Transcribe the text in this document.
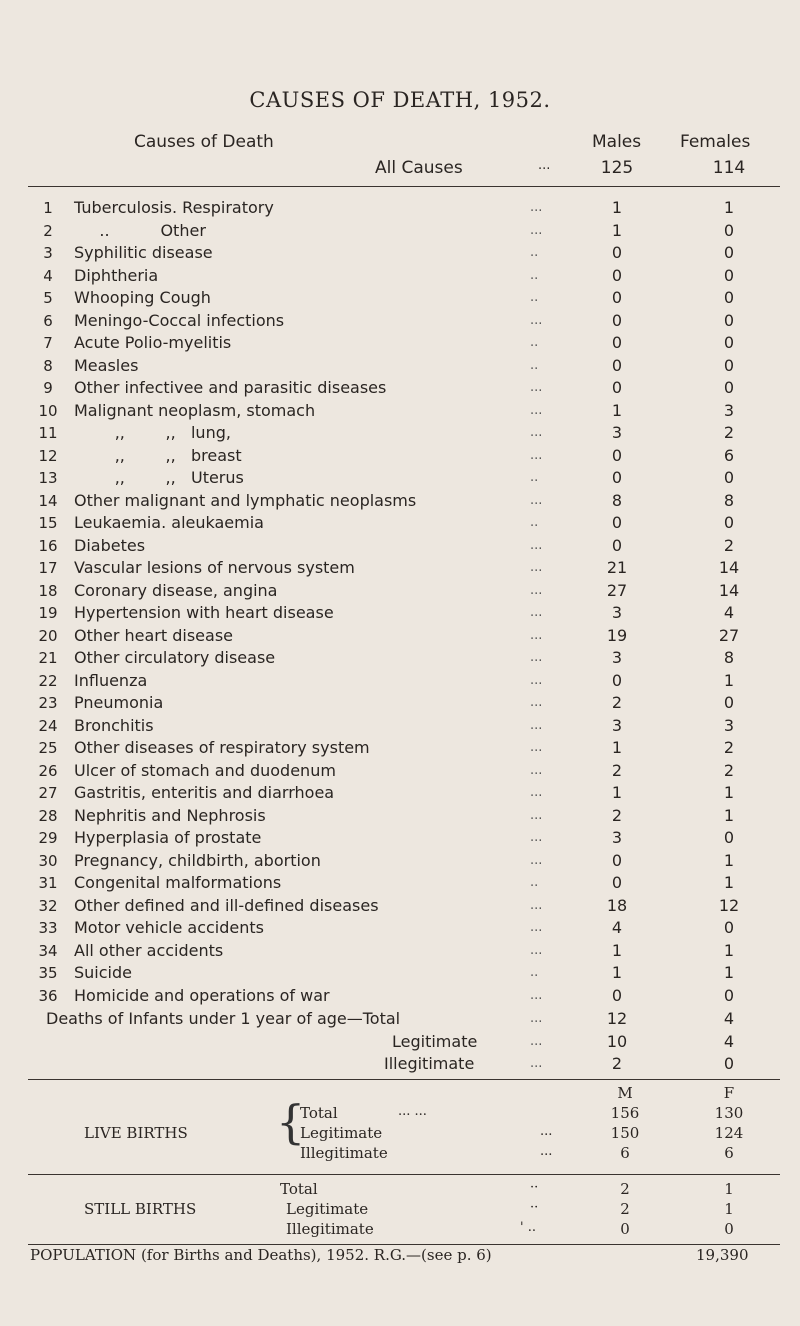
CAUSES OF DEATH, 1952.
Causes of Death	Males Females
All Causes	...	125	114
1	Tuberculosis. Respiratory	...	1	1
2	..          Other	...	1	0
3	Syphilitic disease	..	0	0
4	Diphtheria	..	0	0
5	Whooping Cough	..	0	0
6	Meningo-Coccal infections	...	0	0
7	Acute Polio-myelitis	..	0	0
8	Measles	..	0	0
9	Other infectivee and parasitic diseases	...	0	0
10 Malignant neoplasm, stomach	...	1	3
11 ,,        ,,   lung,	...	3	2
12 ,,        ,,   breast	...	0	6
13 ,,        ,,   Uterus	..	0	0
14 Other malignant and lymphatic neoplasms	...	8	8
15 Leukaemia. aleukaemia	..	0	0
16 Diabetes	...	0	2
17 Vascular lesions of nervous system	...	21	14
18 Coronary disease, angina	...	27	14
19 Hypertension with heart disease	...	3	4
20 Other heart disease	...	19	27
21 Other circulatory disease	...	3	8
22 Influenza	...	0	1
23 Pneumonia	...	2	0
24 Bronchitis	...	3	3
25 Other diseases of respiratory system	...	1	2
26 Ulcer of stomach and duodenum	...	2	2
27 Gastritis, enteritis and diarrhoea	...	1	1
28 Nephritis and Nephrosis	...	2	1
29 Hyperplasia of prostate	...	3	0
30 Pregnancy, childbirth, abortion	...	0	1
31 Congenital malformations	..	0	1
32 Other defined and ill-defined diseases	...	18	12
33 Motor vehicle accidents	...	4	0
34 All other accidents	...	1	1
35 Suicide	..	1	1
36 Homicide and operations of war	...	0	0
Deaths of Infants under 1 year of age—Total	...	12	4
Legitimate	...	10	4
Illegitimate	...	2	0
M	F
LIVE BIRTHS {
Total	... ...	156	130
Legitimate	...	150	124
Illegitimate	...	6	6
Total	··	2	1
STILL BIRTHS	Legitimate	··	2	1
Illegitimate	' ..	0	0
POPULATION (for Births and Deaths), 1952. R.G.—(see p. 6)	19,390
